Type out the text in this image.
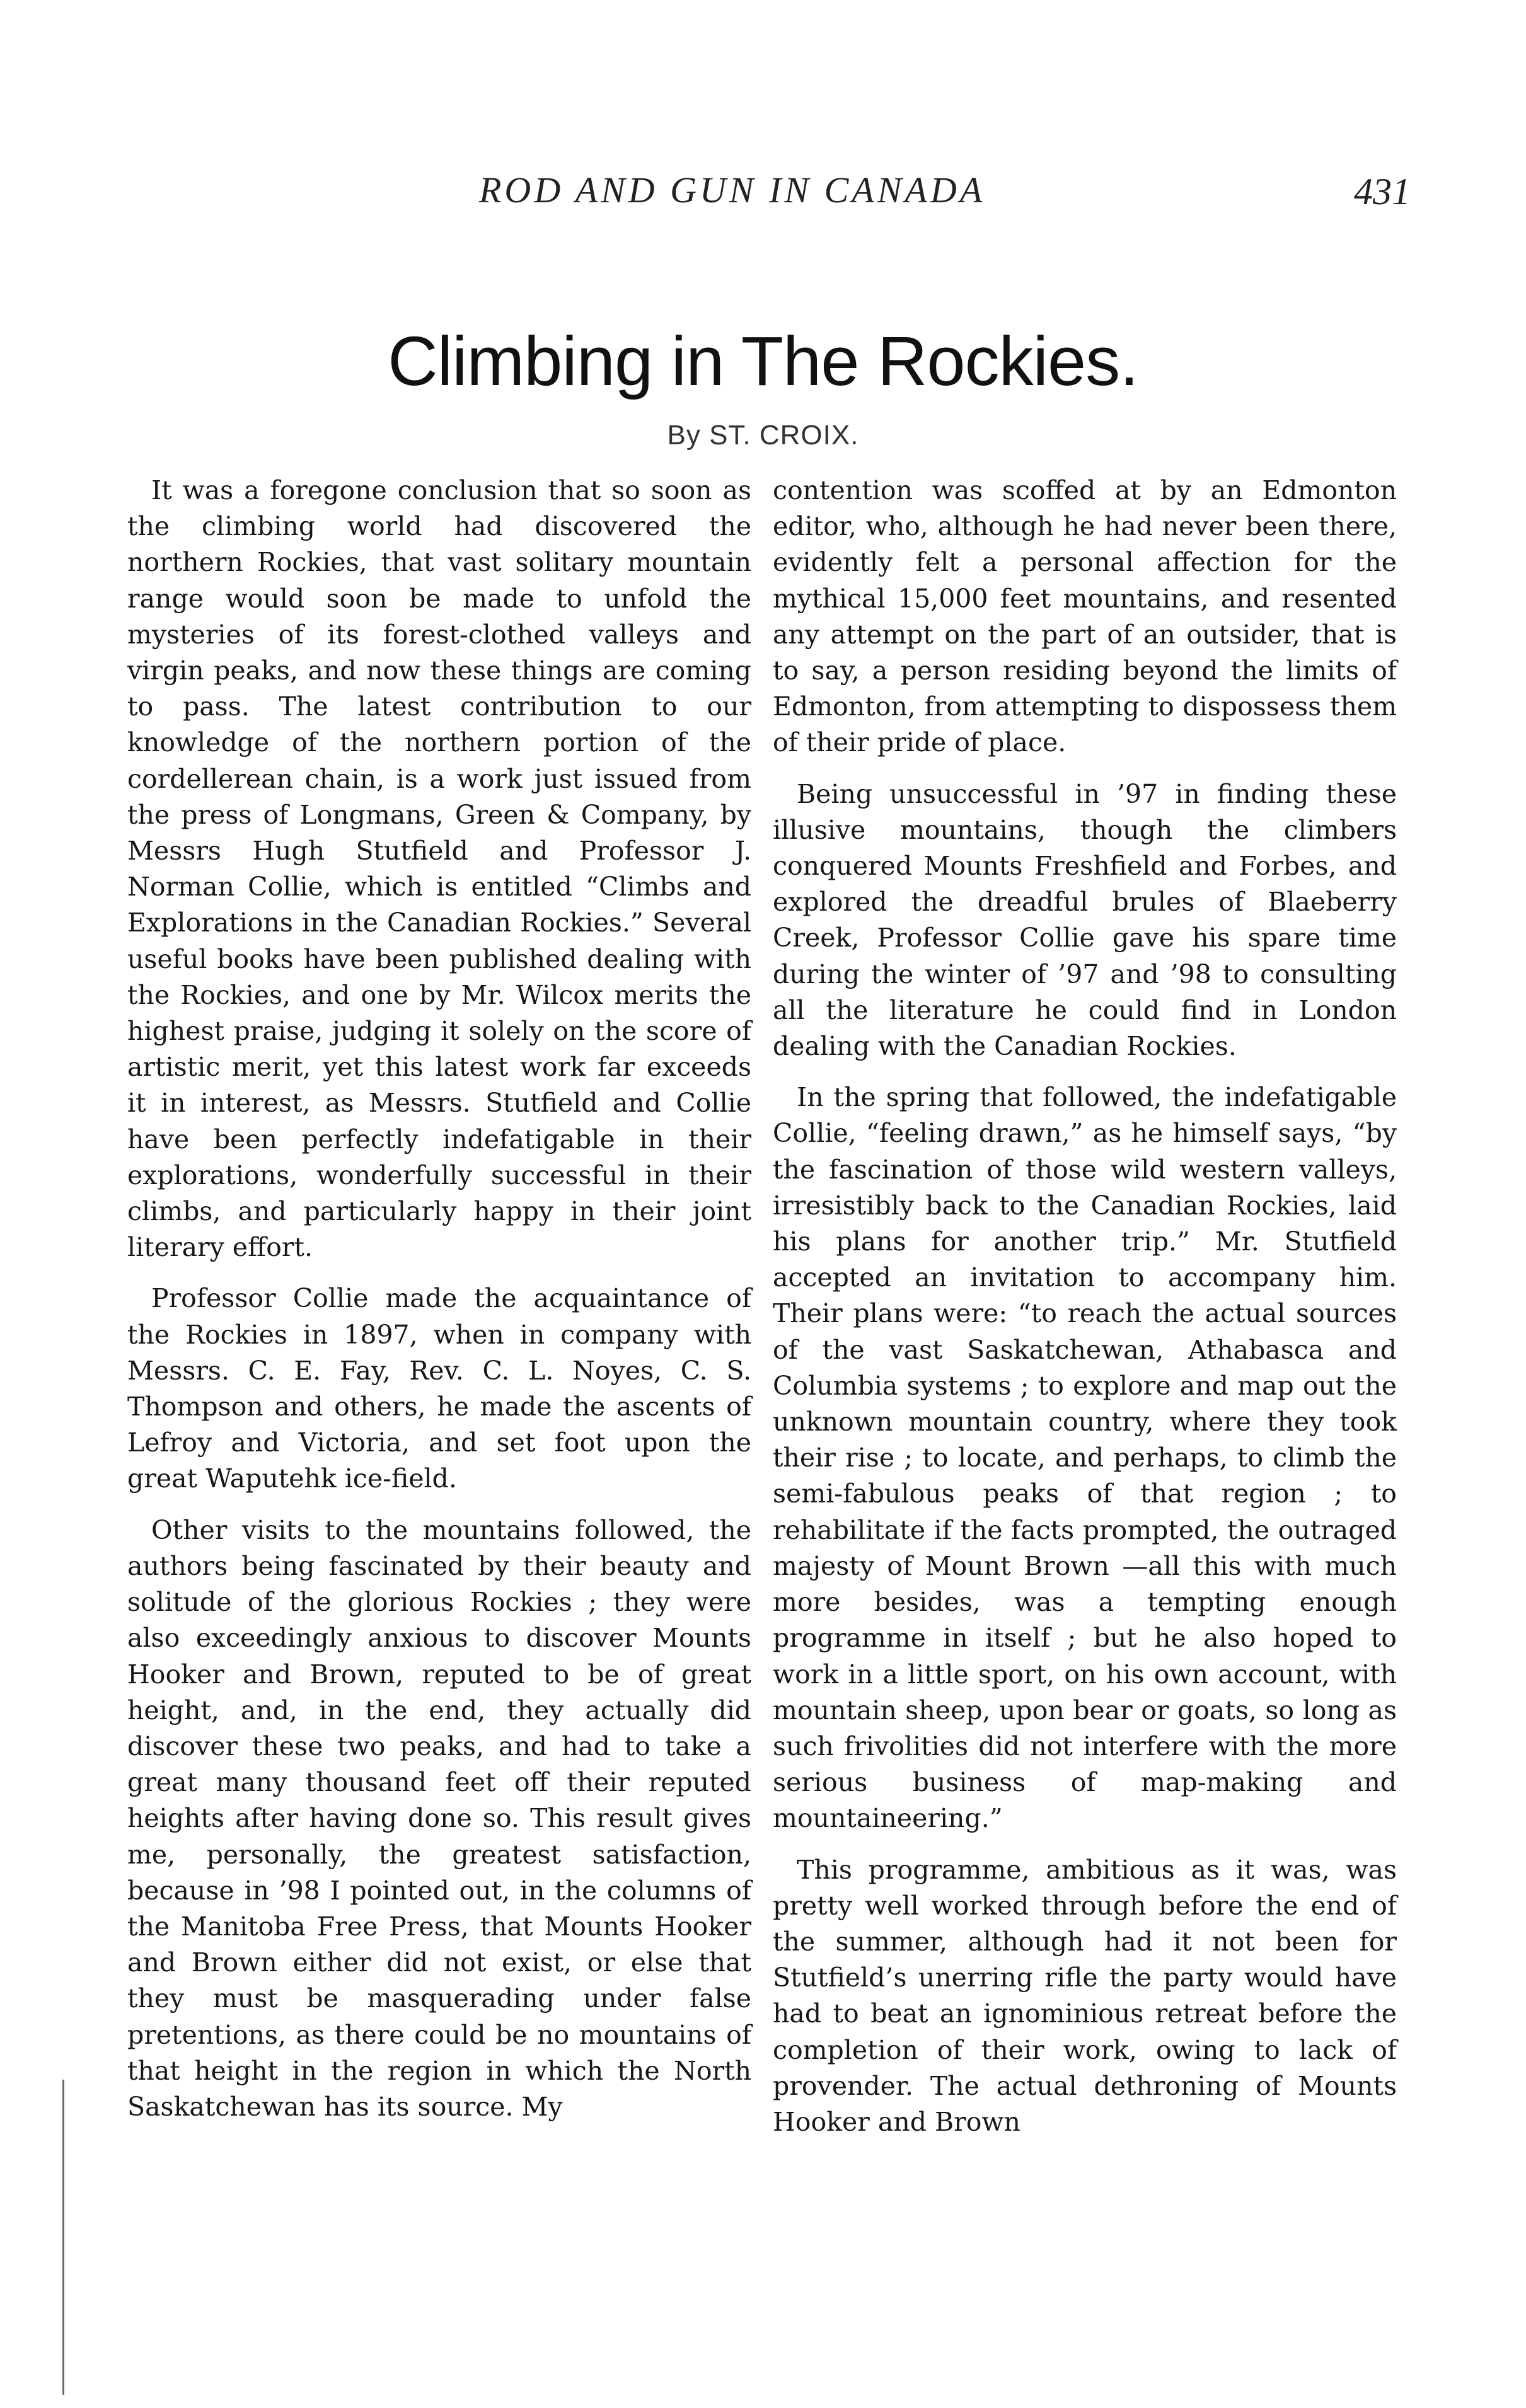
ROD AND GUN IN CANADA	431
Climbing in The Rockies.
By ST. CROIX.

It was a foregone conclusion that so soon as the climbing world had discovered the northern Rockies, that vast solitary mountain range would soon be made to unfold the mysteries of its forest-clothed valleys and virgin peaks, and now these things are coming to pass. The latest contribution to our knowledge of the northern portion of the cordellerean chain, is a work just issued from the press of Longmans, Green & Company, by Messrs Hugh Stutfield and Professor J. Norman Collie, which is entitled “Climbs and Explorations in the Canadian Rockies.” Several useful books have been published dealing with the Rockies, and one by Mr. Wilcox merits the highest praise, judging it solely on the score of artistic merit, yet this latest work far exceeds it in interest, as Messrs. Stutfield and Collie have been perfectly indefatigable in their explorations, wonderfully successful in their climbs, and particularly happy in their joint literary effort.

Professor Collie made the acquaintance of the Rockies in 1897, when in company with Messrs. C. E. Fay, Rev. C. L. Noyes, C. S. Thompson and others, he made the ascents of Lefroy and Victoria, and set foot upon the great Waputehk ice-field.

Other visits to the mountains followed, the authors being fascinated by their beauty and solitude of the glorious Rockies ; they were also exceedingly anxious to discover Mounts Hooker and Brown, reputed to be of great height, and, in the end, they actually did discover these two peaks, and had to take a great many thousand feet off their reputed heights after having done so. This result gives me, personally, the greatest satisfaction, because in ’98 I pointed out, in the columns of the Manitoba Free Press, that Mounts Hooker and Brown either did not exist, or else that they must be masquerading under false pretentions, as there could be no mountains of that height in the region in which the North Saskatchewan has its source. My

contention was scoffed at by an Edmonton editor, who, although he had never been there, evidently felt a personal affection for the mythical 15,000 feet mountains, and resented any attempt on the part of an outsider, that is to say, a person residing beyond the limits of Edmonton, from attempting to dispossess them of their pride of place.

Being unsuccessful in ’97 in finding these illusive mountains, though the climbers conquered Mounts Freshfield and Forbes, and explored the dreadful brules of Blaeberry Creek, Professor Collie gave his spare time during the winter of ’97 and ’98 to consulting all the literature he could find in London dealing with the Canadian Rockies.

In the spring that followed, the indefatigable Collie, “feeling drawn,” as he himself says, “by the fascination of those wild western valleys, irresistibly back to the Canadian Rockies, laid his plans for another trip.” Mr. Stutfield accepted an invitation to accompany him. Their plans were: “to reach the actual sources of the vast Saskatchewan, Athabasca and Columbia systems ; to explore and map out the unknown mountain country, where they took their rise ; to locate, and perhaps, to climb the semi-fabulous peaks of that region ; to rehabilitate if the facts prompted, the outraged majesty of Mount Brown —all this with much more besides, was a tempting enough programme in itself ; but he also hoped to work in a little sport, on his own account, with mountain sheep, upon bear or goats, so long as such frivolities did not interfere with the more serious business of map-making and mountaineering.”

This programme, ambitious as it was, was pretty well worked through before the end of the summer, although had it not been for Stutfield’s unerring rifle the party would have had to beat an ignominious retreat before the completion of their work, owing to lack of provender. The actual dethroning of Mounts Hooker and Brown
